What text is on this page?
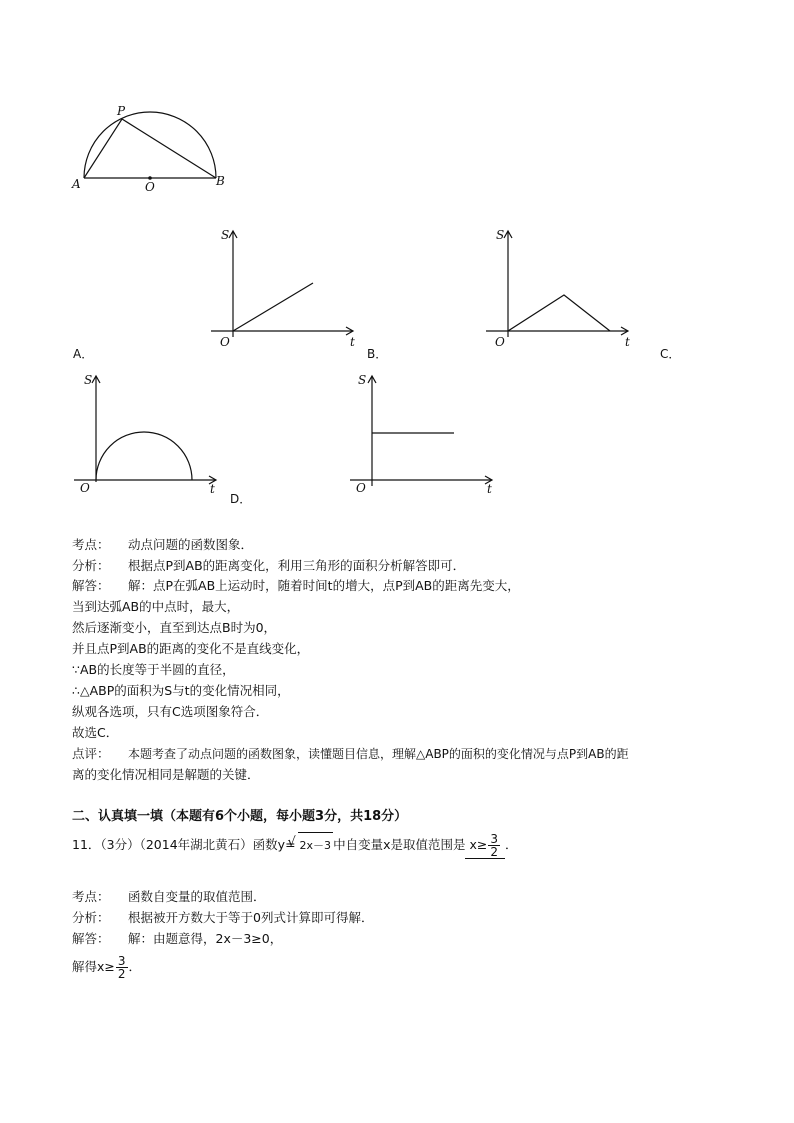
P
A	B
O
S
O	t
A．
S
O	t
B．	C．
S
O	t
D．
S
O	t
考点： 动点问题的函数图象．
分析： 根据点P到AB的距离变化，利用三角形的面积分析解答即可．
解答： 解：点P在弧AB上运动时，随着时间t的增大，点P到AB的距离先变大，
当到达弧AB的中点时，最大，
然后逐渐变小，直至到达点B时为0，
并且点P到AB的距离的变化不是直线变化，
∵AB的长度等于半圆的直径，
∴△ABP的面积为S与t的变化情况相同，
纵观各选项，只有C选项图象符合．
故选C．
点评： 本题考查了动点问题的函数图象，读懂题目信息，理解△ABP的面积的变化情况与点P到AB的距
离的变化情况相同是解题的关键．
二、认真填一填（本题有6个小题，每小题3分，共18分）
11．（3分）（2014年湖北黄石）函数y=√ 2x－3 中自变量x是取值范围是 $x\ge \frac{3}{2}$ ．
考点： 函数自变量的取值范围．
分析： 根据被开方数大于等于0列式计算即可得解．
解答： 解：由题意得，2x－3≥0，
解得$x\ge \frac{3}{2}$ ．
